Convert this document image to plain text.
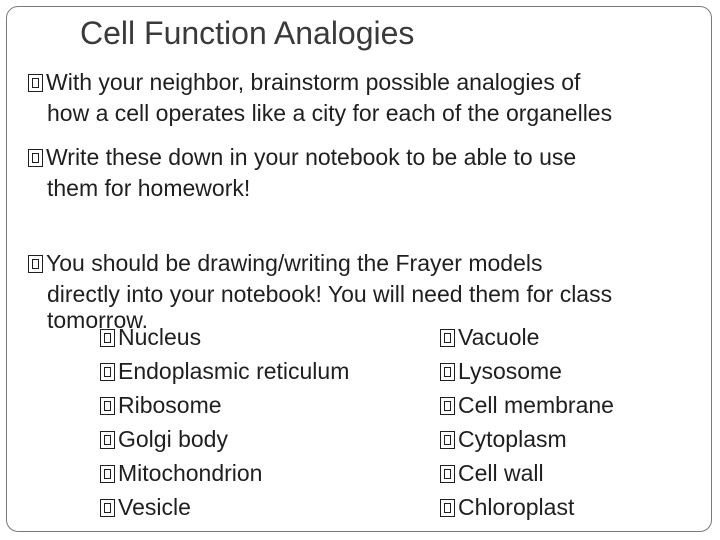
Cell Function Analogies
With your neighbor, brainstorm possible analogies of
how a cell operates like a city for each of the organelles
Write these down in your notebook to be able to use
them for homework!
You should be drawing/writing the Frayer models
directly into your notebook! You will need them for class
tomorrow.
Nucleus
Endoplasmic reticulum
Ribosome
Golgi body
Mitochondrion
Vesicle
Vacuole
Lysosome
Cell membrane
Cytoplasm
Cell wall
Chloroplast
